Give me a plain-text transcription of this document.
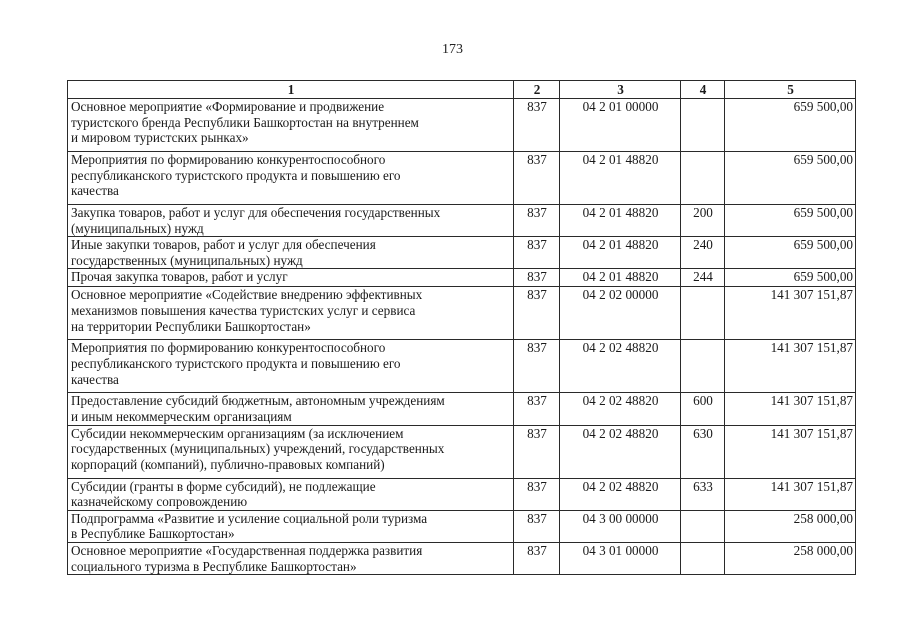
173
1	2	3	4	5
Основное мероприятие «Формирование и продвижение
туристского бренда Республики Башкортостан на внутреннем
и мировом туристских рынках»	837	04 2 01 00000		659 500,00
Мероприятия по формированию конкурентоспособного
республиканского туристского продукта и повышению его
качества	837	04 2 01 48820		659 500,00
Закупка товаров, работ и услуг для обеспечения государственных
(муниципальных) нужд	837	04 2 01 48820	200	659 500,00
Иные закупки товаров, работ и услуг для обеспечения
государственных (муниципальных) нужд	837	04 2 01 48820	240	659 500,00
Прочая закупка товаров, работ и услуг	837	04 2 01 48820	244	659 500,00
Основное мероприятие «Содействие внедрению эффективных
механизмов повышения качества туристских услуг и сервиса
на территории Республики Башкортостан»	837	04 2 02 00000		141 307 151,87
Мероприятия по формированию конкурентоспособного
республиканского туристского продукта и повышению его
качества	837	04 2 02 48820		141 307 151,87
Предоставление субсидий бюджетным, автономным учреждениям
и иным некоммерческим организациям	837	04 2 02 48820	600	141 307 151,87
Субсидии некоммерческим организациям (за исключением
государственных (муниципальных) учреждений, государственных
корпораций (компаний), публично-правовых компаний)	837	04 2 02 48820	630	141 307 151,87
Субсидии (гранты в форме субсидий), не подлежащие
казначейскому сопровождению	837	04 2 02 48820	633	141 307 151,87
Подпрограмма «Развитие и усиление социальной роли туризма
в Республике Башкортостан»	837	04 3 00 00000		258 000,00
Основное мероприятие «Государственная поддержка развития
социального туризма в Республике Башкортостан»	837	04 3 01 00000		258 000,00
